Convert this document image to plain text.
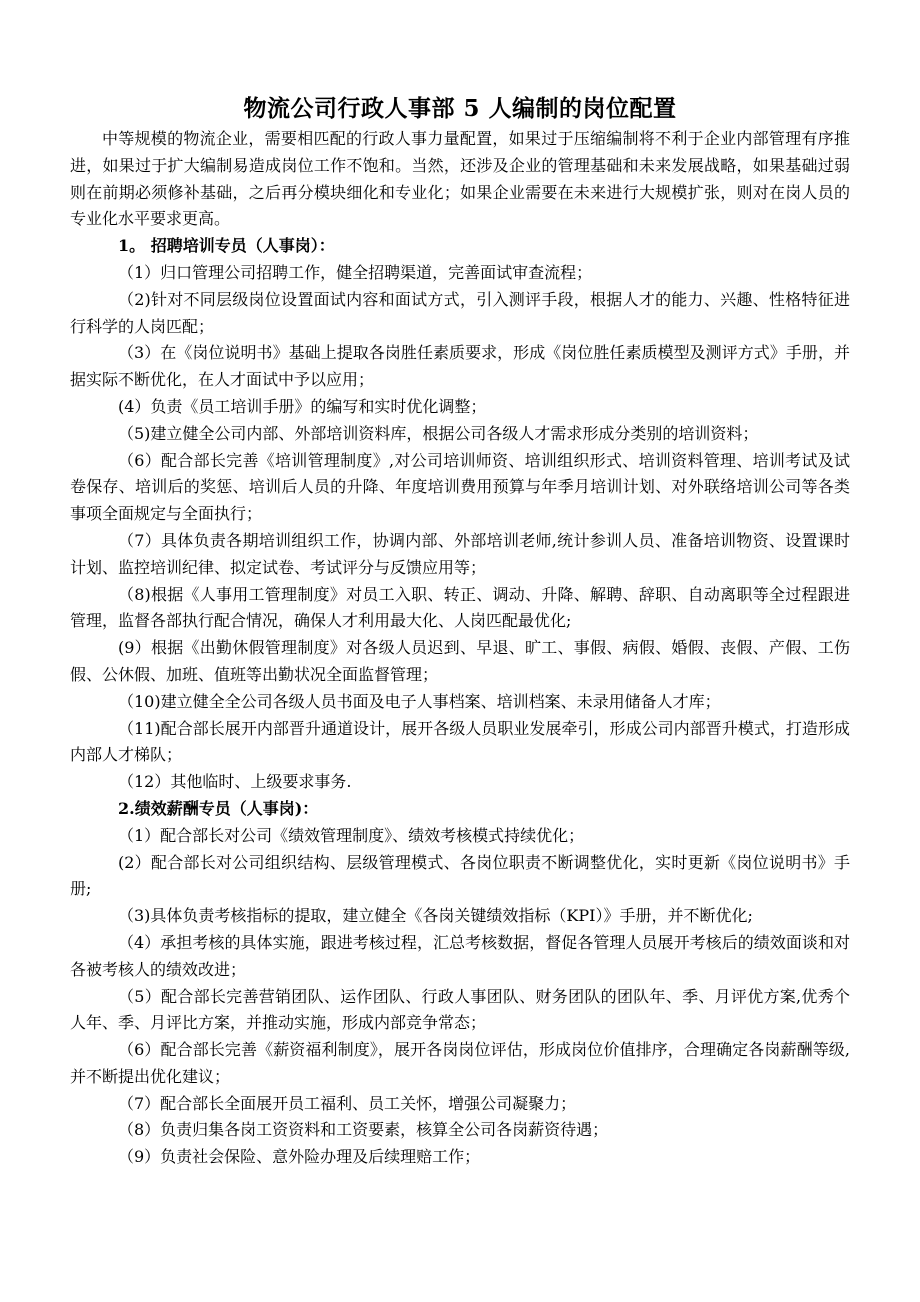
物流公司行政人事部 5 人编制的岗位配置

中等规模的物流企业，需要相匹配的行政人事力量配置，如果过于压缩编制将不利于企业内部管理有序推进，如果过于扩大编制易造成岗位工作不饱和。当然，还涉及企业的管理基础和未来发展战略，如果基础过弱则在前期必须修补基础，之后再分模块细化和专业化；如果企业需要在未来进行大规模扩张，则对在岗人员的专业化水平要求更高。

1。 招聘培训专员（人事岗）：

（1）归口管理公司招聘工作，健全招聘渠道，完善面试审查流程；

（2)针对不同层级岗位设置面试内容和面试方式，引入测评手段，根据人才的能力、兴趣、性格特征进行科学的人岗匹配；

（3）在《岗位说明书》基础上提取各岗胜任素质要求，形成《岗位胜任素质模型及测评方式》手册，并据实际不断优化，在人才面试中予以应用；

(4）负责《员工培训手册》的编写和实时优化调整；

（5)建立健全公司内部、外部培训资料库，根据公司各级人才需求形成分类别的培训资料；

（6）配合部长完善《培训管理制度》,对公司培训师资、培训组织形式、培训资料管理、培训考试及试卷保存、培训后的奖惩、培训后人员的升降、年度培训费用预算与年季月培训计划、对外联络培训公司等各类事项全面规定与全面执行；

（7）具体负责各期培训组织工作，协调内部、外部培训老师,统计参训人员、准备培训物资、设置课时计划、监控培训纪律、拟定试卷、考试评分与反馈应用等；

（8)根据《人事用工管理制度》对员工入职、转正、调动、升降、解聘、辞职、自动离职等全过程跟进管理，监督各部执行配合情况，确保人才利用最大化、人岗匹配最优化;

(9）根据《出勤休假管理制度》对各级人员迟到、早退、旷工、事假、病假、婚假、丧假、产假、工伤假、公休假、加班、值班等出勤状况全面监督管理；

（10)建立健全全公司各级人员书面及电子人事档案、培训档案、未录用储备人才库；

（11)配合部长展开内部晋升通道设计，展开各级人员职业发展牵引，形成公司内部晋升模式，打造形成内部人才梯队；

（12）其他临时、上级要求事务.

2.绩效薪酬专员（人事岗)：

（1）配合部长对公司《绩效管理制度》、绩效考核模式持续优化；

(2）配合部长对公司组织结构、层级管理模式、各岗位职责不断调整优化，实时更新《岗位说明书》手册;

（3)具体负责考核指标的提取，建立健全《各岗关键绩效指标（KPI）》手册，并不断优化;

（4）承担考核的具体实施，跟进考核过程，汇总考核数据，督促各管理人员展开考核后的绩效面谈和对各被考核人的绩效改进；

（5）配合部长完善营销团队、运作团队、行政人事团队、财务团队的团队年、季、月评优方案,优秀个人年、季、月评比方案，并推动实施，形成内部竞争常态；

（6）配合部长完善《薪资福利制度》，展开各岗岗位评估，形成岗位价值排序，合理确定各岗薪酬等级,并不断提出优化建议；

（7）配合部长全面展开员工福利、员工关怀，增强公司凝聚力；

（8）负责归集各岗工资资料和工资要素，核算全公司各岗薪资待遇；

（9）负责社会保险、意外险办理及后续理赔工作；
